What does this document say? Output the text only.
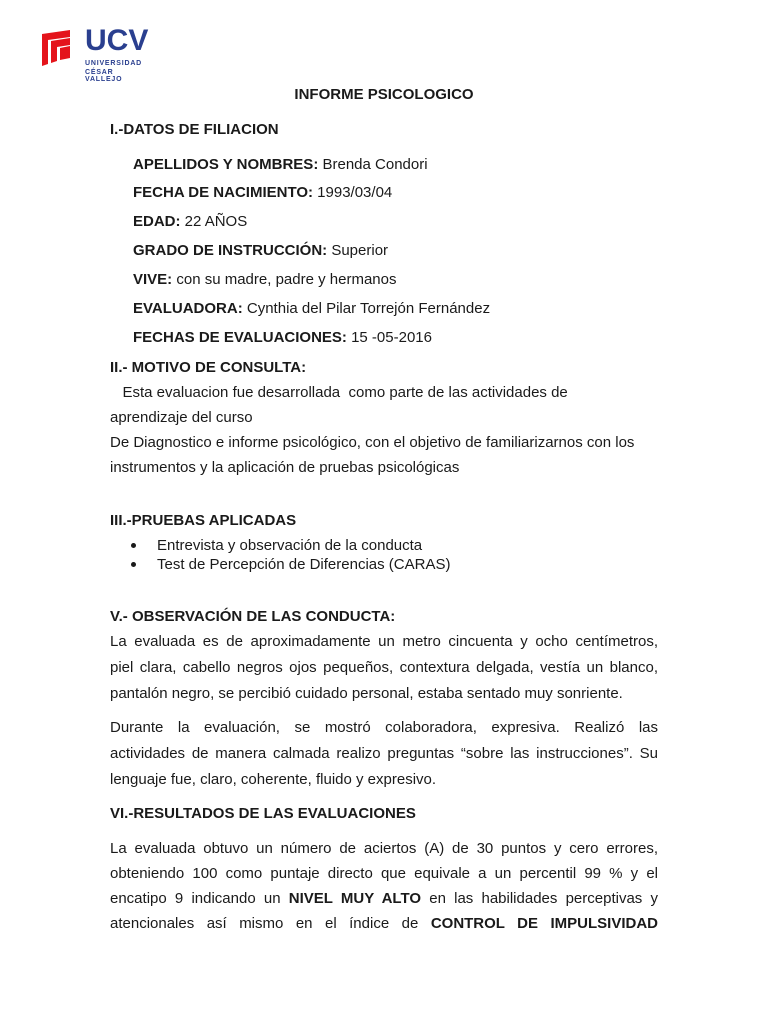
UCV
UNIVERSIDAD
CÉSAR VALLEJO
INFORME PSICOLOGICO
I.-DATOS DE FILIACION
APELLIDOS Y NOMBRES: Brenda Condori
FECHA DE NACIMIENTO: 1993/03/04
EDAD: 22 AÑOS
GRADO DE INSTRUCCIÓN: Superior
VIVE: con su madre, padre y hermanos
EVALUADORA: Cynthia del Pilar Torrejón Fernández
FECHAS DE EVALUACIONES: 15 -05-2016
II.- MOTIVO DE CONSULTA:
Esta evaluacion fue desarrollada  como parte de las actividades de
aprendizaje del curso
De Diagnostico e informe psicológico, con el objetivo de familiarizarnos con los
instrumentos y la aplicación de pruebas psicológicas
III.-PRUEBAS APLICADAS
Entrevista y observación de la conducta
Test de Percepción de Diferencias (CARAS)
V.- OBSERVACIÓN DE LAS CONDUCTA:
La evaluada es de aproximadamente un metro cincuenta y ocho centímetros,
piel clara, cabello negros ojos pequeños, contextura delgada, vestía un blanco,
pantalón negro, se percibió cuidado personal, estaba sentado muy sonriente.
Durante la evaluación, se mostró colaboradora, expresiva. Realizó las
actividades de manera calmada realizo preguntas “sobre las instrucciones”. Su
lenguaje fue, claro, coherente, fluido y expresivo.
VI.-RESULTADOS DE LAS EVALUACIONES
La evaluada obtuvo un número de aciertos (A) de 30 puntos y cero errores,
obteniendo 100 como puntaje directo que equivale a un percentil 99 % y el
encatipo 9 indicando un NIVEL MUY ALTO en las habilidades perceptivas y
atencionales así mismo en el índice de CONTROL DE IMPULSIVIDAD
